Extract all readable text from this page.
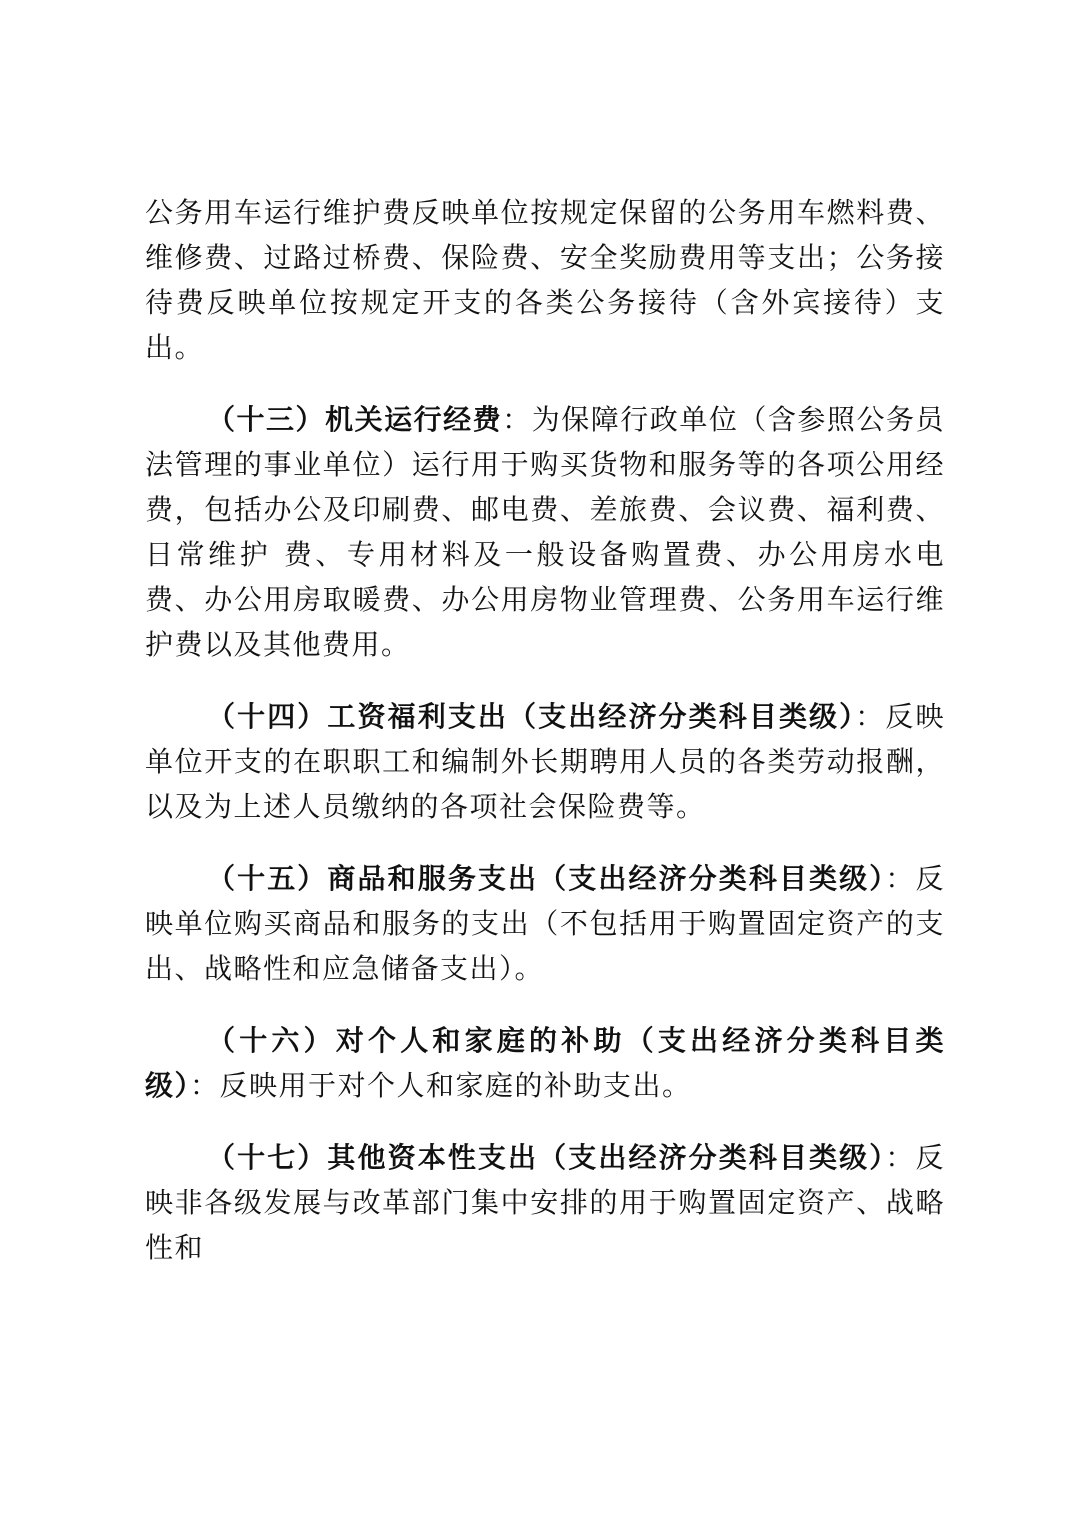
公务用车运行维护费反映单位按规定保留的公务用车燃料费、维修费、过路过桥费、保险费、安全奖励费用等支出；公务接待费反映单位按规定开支的各类公务接待（含外宾接待）支出。

（十三）机关运行经费：为保障行政单位（含参照公务员法管理的事业单位）运行用于购买货物和服务等的各项公用经费，包括办公及印刷费、邮电费、差旅费、会议费、福利费、日常维护 费、专用材料及一般设备购置费、办公用房水电费、办公用房取暖费、办公用房物业管理费、公务用车运行维护费以及其他费用。

（十四）工资福利支出（支出经济分类科目类级）：反映单位开支的在职职工和编制外长期聘用人员的各类劳动报酬，以及为上述人员缴纳的各项社会保险费等。

（十五）商品和服务支出（支出经济分类科目类级）：反映单位购买商品和服务的支出（不包括用于购置固定资产的支出、战略性和应急储备支出）。

（十六）对个人和家庭的补助（支出经济分类科目类级）：反映用于对个人和家庭的补助支出。

（十七）其他资本性支出（支出经济分类科目类级）：反映非各级发展与改革部门集中安排的用于购置固定资产、战略性和
